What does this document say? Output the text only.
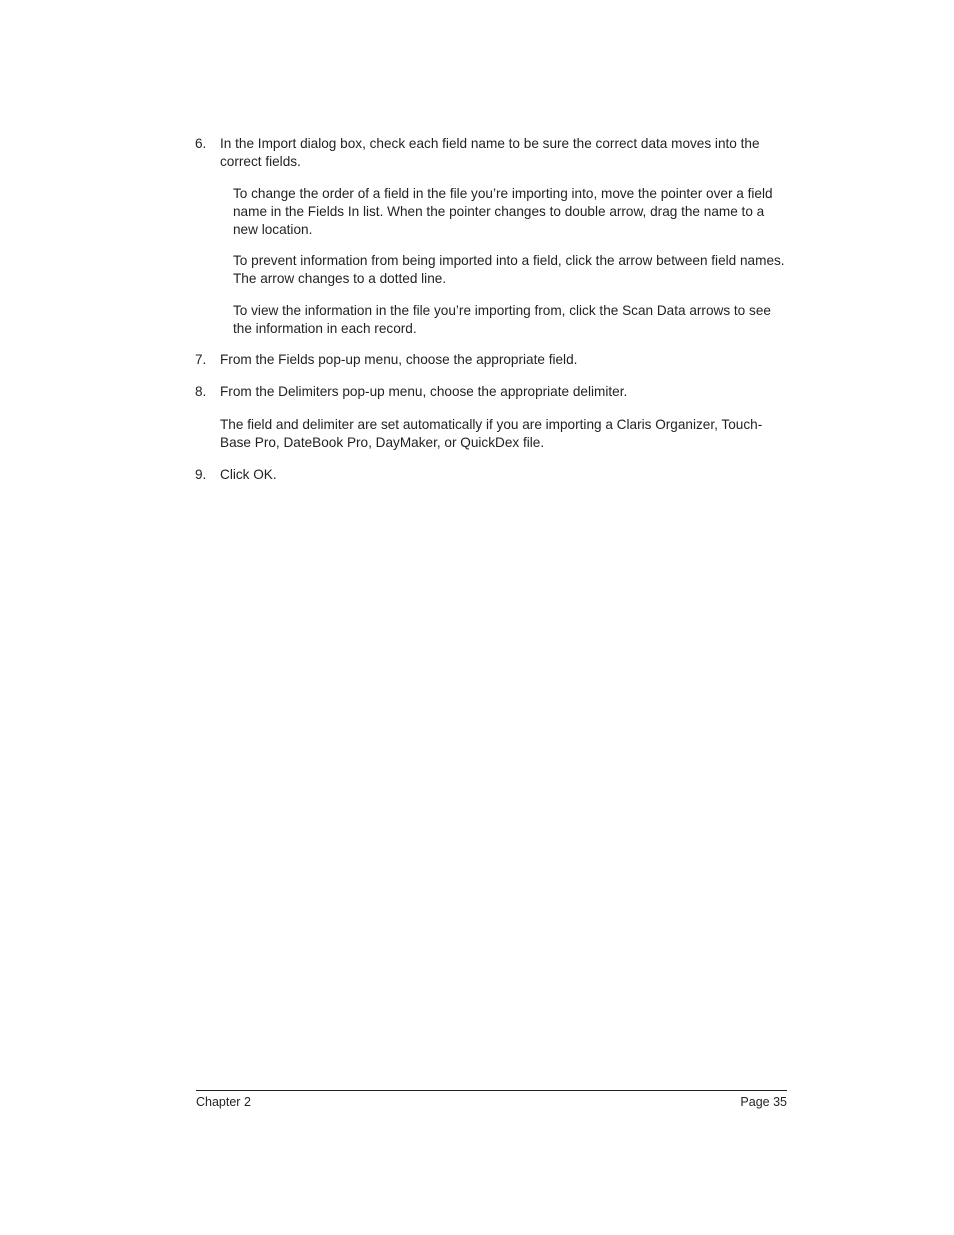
6. In the Import dialog box, check each field name to be sure the correct data moves into the correct fields.

To change the order of a field in the file you’re importing into, move the pointer over a field name in the Fields In list. When the pointer changes to double arrow, drag the name to a new location.

To prevent information from being imported into a field, click the arrow between field names. The arrow changes to a dotted line.

To view the information in the file you’re importing from, click the Scan Data arrows to see the information in each record.

7. From the Fields pop-up menu, choose the appropriate field.
8. From the Delimiters pop-up menu, choose the appropriate delimiter.

The field and delimiter are set automatically if you are importing a Claris Organizer, Touch-Base Pro, DateBook Pro, DayMaker, or QuickDex file.

9. Click OK.
Chapter 2	Page 35
